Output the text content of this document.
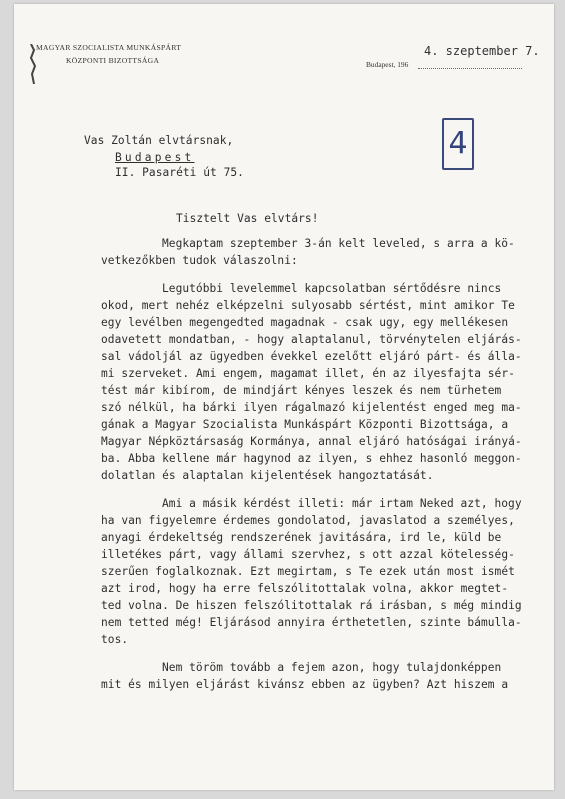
MAGYAR SZOCIALISTA MUNKÁSPÁRT
KÖZPONTI BIZOTTSÁGA
4. szeptember 7.
Budapest, 196
4
Vas Zoltán elvtársnak,
Budapest
II. Pasaréti út 75.
Tisztelt Vas elvtárs!
Megkaptam szeptember 3-án kelt leveled, s arra a kö-
vetkezőkben tudok válaszolni:
Legutóbbi levelemmel kapcsolatban sértődésre nincs
okod, mert nehéz elképzelni sulyosabb sértést, mint amikor Te
egy levélben megengedted magadnak - csak ugy, egy mellékesen
odavetett mondatban, - hogy alaptalanul, törvénytelen eljárás-
sal vádoljál az ügyedben évekkel ezelőtt eljáró párt- és álla-
mi szerveket. Ami engem, magamat illet, én az ilyesfajta sér-
tést már kibírom, de mindjárt kényes leszek és nem türhetem
szó nélkül, ha bárki ilyen rágalmazó kijelentést enged meg ma-
gának a Magyar Szocialista Munkáspárt Központi Bizottsága, a
Magyar Népköztársaság Kormánya, annal eljáró hatóságai irányá-
ba. Abba kellene már hagynod az ilyen, s ehhez hasonló meggon-
dolatlan és alaptalan kijelentések hangoztatását.
Ami a másik kérdést illeti: már irtam Neked azt, hogy
ha van figyelemre érdemes gondolatod, javaslatod a személyes,
anyagi érdekeltség rendszerének javitására, ird le, küld be
illetékes párt, vagy állami szervhez, s ott azzal kötelesség-
szerűen foglalkoznak. Ezt megirtam, s Te ezek után most ismét
azt irod, hogy ha erre felszólitottalak volna, akkor megtet-
ted volna. De hiszen felszólitottalak rá irásban, s még mindig
nem tetted még! Eljárásod annyira érthetetlen, szinte bámulla-
tos.
Nem töröm tovább a fejem azon, hogy tulajdonképpen
mit és milyen eljárást kivánsz ebben az ügyben? Azt hiszem a
